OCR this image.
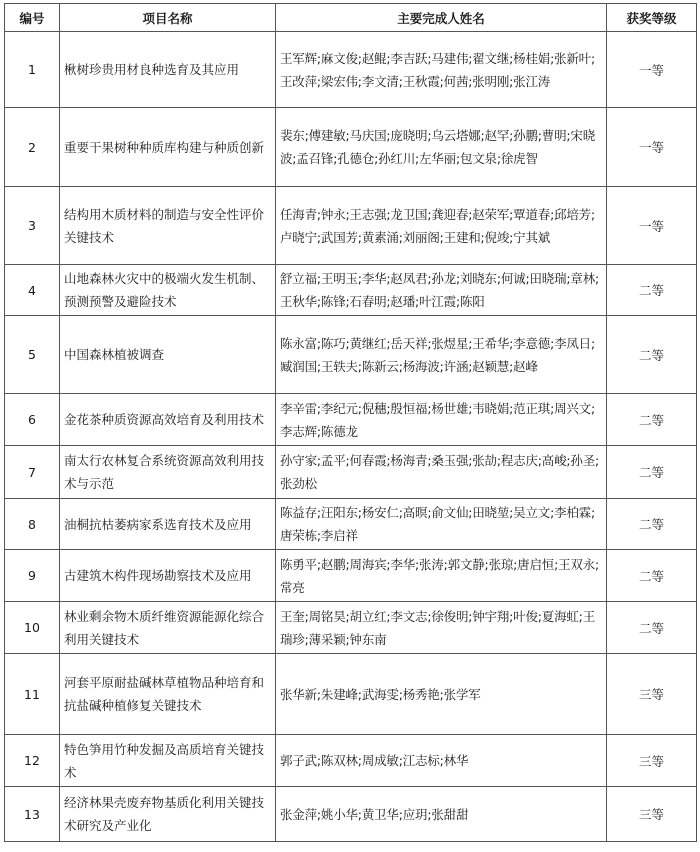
编号	项目名称	主要完成人姓名	获奖等级
1	楸树珍贵用材良种选育及其应用	王军辉;麻文俊;赵鲲;李吉跃;马建伟;翟文继;杨桂娟;张新叶;王改萍;梁宏伟;李文清;王秋霞;何茜;张明刚;张江涛	一等
2	重要干果树种种质库构建与种质创新	裴东;傅建敏;马庆国;庞晓明;乌云塔娜;赵罕;孙鹏;曹明;宋晓波;孟召锋;孔德仓;孙红川;左华丽;包文泉;徐虎智	一等
3	结构用木质材料的制造与安全性评价关键技术	任海青;钟永;王志强;龙卫国;龚迎春;赵荣军;覃道春;邱培芳;卢晓宁;武国芳;黄素涌;刘丽阁;王建和;倪竣;宁其斌	一等
4	山地森林火灾中的极端火发生机制、预测预警及避险技术	舒立福;王明玉;李华;赵凤君;孙龙;刘晓东;何诚;田晓瑞;章林;王秋华;陈锋;石春明;赵璠;叶江霞;陈阳	二等
5	中国森林植被调查	陈永富;陈巧;黄继红;岳天祥;张煜星;王希华;李意德;李凤日;臧润国;王轶夫;陈新云;杨海波;许涵;赵颖慧;赵峰	二等
6	金花茶种质资源高效培育及利用技术	李辛雷;李纪元;倪穗;殷恒福;杨世雄;韦晓娟;范正琪;周兴文;李志辉;陈德龙	二等
7	南太行农林复合系统资源高效利用技术与示范	孙守家;孟平;何春霞;杨海青;桑玉强;张劼;程志庆;高峻;孙圣;张劲松	二等
8	油桐抗枯萎病家系选育技术及应用	陈益存;汪阳东;杨安仁;高暝;俞文仙;田晓堃;吴立文;李柏霖;唐荣栋;李启祥	二等
9	古建筑木构件现场勘察技术及应用	陈勇平;赵鹏;周海宾;李华;张涛;郭文静;张琼;唐启恒;王双永;常亮	二等
10	林业剩余物木质纤维资源能源化综合利用关键技术	王奎;周铭昊;胡立红;李文志;徐俊明;钟宇翔;叶俊;夏海虹;王瑞珍;薄采颖;钟东南	二等
11	河套平原耐盐碱林草植物品种培育和抗盐碱种植修复关键技术	张华新;朱建峰;武海雯;杨秀艳;张学军	三等
12	特色笋用竹种发掘及高质培育关键技术	郭子武;陈双林;周成敏;江志标;林华	三等
13	经济林果壳废弃物基质化利用关键技术研究及产业化	张金萍;姚小华;黄卫华;应玥;张甜甜	三等
